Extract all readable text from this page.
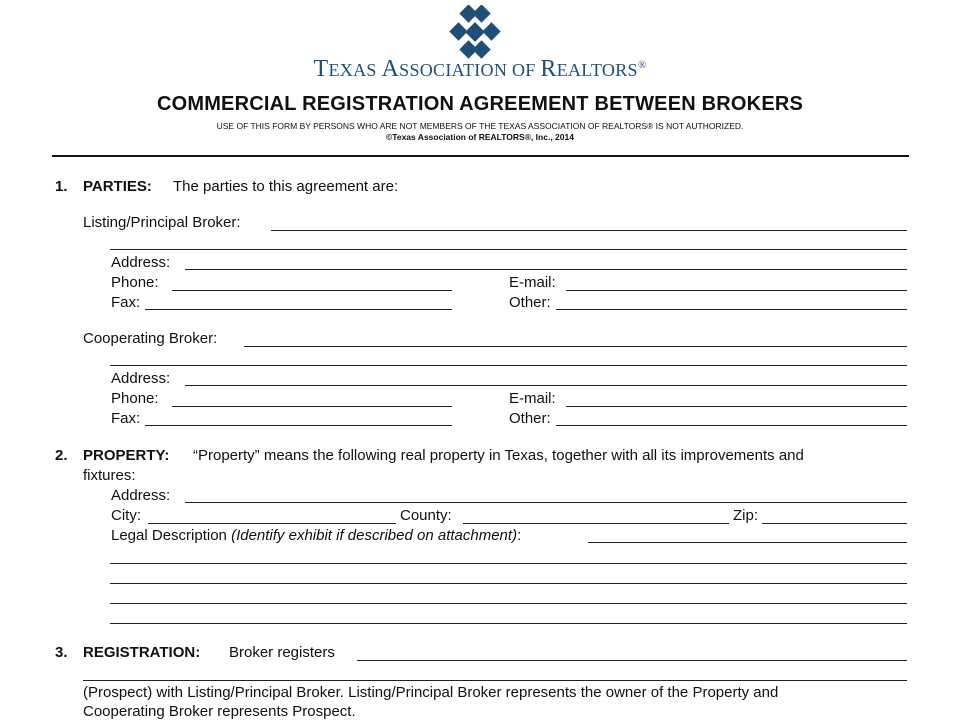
TEXAS ASSOCIATION OF REALTORS®
COMMERCIAL REGISTRATION AGREEMENT BETWEEN BROKERS
USE OF THIS FORM BY PERSONS WHO ARE NOT MEMBERS OF THE TEXAS ASSOCIATION OF REALTORS® IS NOT AUTHORIZED.
©Texas Association of REALTORS®, Inc., 2014
1. PARTIES: The parties to this agreement are:
Listing/Principal Broker:
Address:
Phone:	E-mail:
Fax:	Other:
Cooperating Broker:
Address:
Phone:	E-mail:
Fax:	Other:
2. PROPERTY: “Property” means the following real property in Texas, together with all its improvements and
fixtures:
Address:
City:	County:	Zip:
Legal Description (Identify exhibit if described on attachment):
3. REGISTRATION: Broker registers
(Prospect) with Listing/Principal Broker. Listing/Principal Broker represents the owner of the Property and
Cooperating Broker represents Prospect.
